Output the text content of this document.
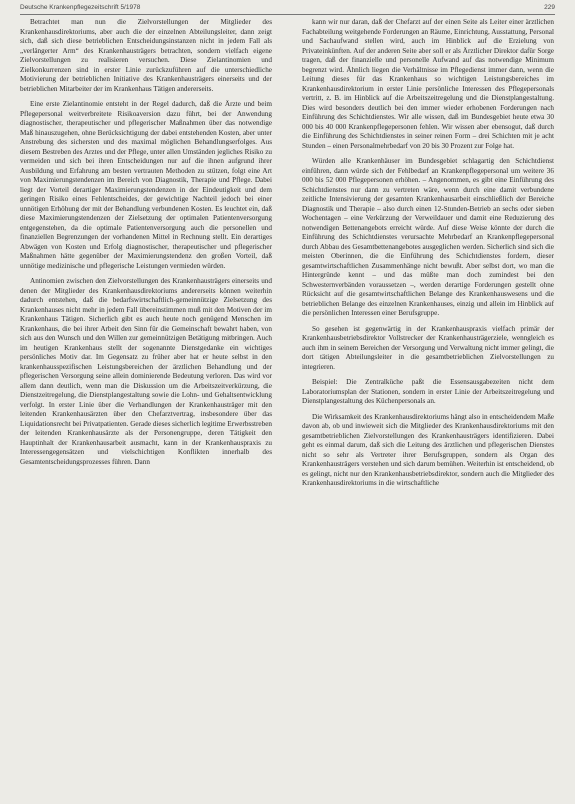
Deutsche Krankenpflegezeitschrift 5/1978	229

Betrachtet man nun die Zielvorstellungen der Mitglieder des Krankenhausdirektoriums, aber auch die der einzelnen Abteilungsleiter, dann zeigt sich, daß sich diese betrieblichen Entscheidungsinstanzen nicht in jedem Fall als „verlängerter Arm“ des Krankenhausträgers betrachten, sondern vielfach eigene Zielvorstellungen zu realisieren versuchen. Diese Zielantinomien und Zielkonkurrenzen sind in erster Linie zurückzuführen auf die unterschiedliche Motivierung der betrieblichen Initiative des Krankenhausträgers einerseits und der betrieblichen Mitarbeiter der im Krankenhaus Tätigen andererseits.

Eine erste Zielantinomie entsteht in der Regel dadurch, daß die Ärzte und beim Pflegepersonal weitverbreitete Risikoaversion dazu führt, bei der Anwendung diagnostischer, therapeutischer und pflegerischer Maßnahmen über das notwendige Maß hinauszugehen, ohne Berücksichtigung der dabei entstehenden Kosten, aber unter Anstrebung des sichersten und des maximal möglichen Behandlungserfolges. Aus diesem Bestreben des Arztes und der Pflege, unter allen Umständen jegliches Risiko zu vermeiden und sich bei ihren Entscheidungen nur auf die ihnen aufgrund ihrer Ausbildung und Erfahrung am besten vertrauten Methoden zu stützen, folgt eine Art von Maximierungstendenzen im Bereich von Diagnostik, Therapie und Pflege. Dabei liegt der Vorteil derartiger Maximierungstendenzen in der Eindeutigkeit und dem geringen Risiko eines Fehlentscheides, der gewichtige Nachteil jedoch bei einer unnötigen Erhöhung der mit der Behandlung verbundenen Kosten. Es leuchtet ein, daß diese Maximierungstendenzen der Zielsetzung der optimalen Patientenversorgung entgegenstehen, da die optimale Patientenversorgung auch die personellen und finanziellen Begrenzungen der vorhandenen Mittel in Rechnung stellt. Ein derartiges Abwägen von Kosten und Erfolg diagnostischer, therapeutischer und pflegerischer Maßnahmen hätte gegenüber der Maximierungstendenz den großen Vorteil, daß unnötige medizinische und pflegerische Leistungen vermieden würden.

Antinomien zwischen den Zielvorstellungen des Krankenhausträgers einerseits und denen der Mitglieder des Krankenhausdirektoriums andererseits können weiterhin dadurch entstehen, daß die bedarfswirtschaftlich-gemeinnützige Zielsetzung des Krankenhauses nicht mehr in jedem Fall übereinstimmen muß mit den Motiven der im Krankenhaus Tätigen. Sicherlich gibt es auch heute noch genügend Menschen im Krankenhaus, die bei ihrer Arbeit den Sinn für die Gemeinschaft bewahrt haben, von sich aus den Wunsch und den Willen zur gemeinnützigen Betätigung mitbringen. Auch im heutigen Krankenhaus stellt der sogenannte Dienstgedanke ein wichtiges persönliches Motiv dar. Im Gegensatz zu früher aber hat er heute selbst in den krankenhausspezifischen Leistungsbereichen der ärztlichen Behandlung und der pflegerischen Versorgung seine allein dominierende Bedeutung verloren. Das wird vor allem dann deutlich, wenn man die Diskussion um die Arbeitszeitverkürzung, die Dienstzeitregelung, die Dienstplangestaltung sowie die Lohn- und Gehaltsentwicklung verfolgt. In erster Linie über die Verhandlungen der Krankenhausträger mit den leitenden Krankenhausärzten über den Chefarztvertrag, insbesondere über das Liquidationsrecht bei Privatpatienten. Gerade dieses sicherlich legitime Erwerbsstreben der leitenden Krankenhausärzte als der Personengruppe, deren Tätigkeit den Hauptinhalt der Krankenhausarbeit ausmacht, kann in der Krankenhauspraxis zu Interessengegensätzen und vielschichtigen Konflikten innerhalb des Gesamtentscheidungsprozesses führen. Dann

kann wir nur daran, daß der Chefarzt auf der einen Seite als Leiter einer ärztlichen Fachabteilung weitgehende Forderungen an Räume, Einrichtung, Ausstattung, Personal und Sachaufwand stellen wird, auch im Hinblick auf die Erzielung von Privateinkünften. Auf der anderen Seite aber soll er als Ärztlicher Direktor dafür Sorge tragen, daß der finanzielle und personelle Aufwand auf das notwendige Minimum begrenzt wird. Ähnlich liegen die Verhältnisse im Pflegedienst immer dann, wenn die Leitung dieses für das Krankenhaus so wichtigen Leistungsbereiches im Krankenhausdirektorium in erster Linie persönliche Interessen des Pflegepersonals vertritt, z. B. im Hinblick auf die Arbeitszeitregelung und die Dienstplangestaltung. Dies wird besonders deutlich bei den immer wieder erhobenen Forderungen nach Einführung des Schichtdienstes. Wir alle wissen, daß im Bundesgebiet heute etwa 30 000 bis 40 000 Krankenpflegepersonen fehlen. Wir wissen aber ebensogut, daß durch die Einführung des Schichtdienstes in seiner reinen Form – drei Schichten mit je acht Stunden – einen Personalmehrbedarf von 20 bis 30 Prozent zur Folge hat.

Würden alle Krankenhäuser im Bundesgebiet schlagartig den Schichtdienst einführen, dann würde sich der Fehlbedarf an Krankenpflegepersonal um weitere 36 000 bis 52 000 Pflegepersonen erhöhen. – Angenommen, es gibt eine Einführung des Schichtdienstes nur dann zu vertreten wäre, wenn durch eine damit verbundene zeitliche Intensivierung der gesamten Krankenhausarbeit einschließlich der Bereiche Diagnostik und Therapie – also durch einen 12-Stunden-Betrieb an sechs oder sieben Wochentagen – eine Verkürzung der Verweildauer und damit eine Reduzierung des notwendigen Bettenangebots erreicht würde. Auf diese Weise könnte der durch die Einführung des Schichtdienstes verursachte Mehrbedarf an Krankenpflegepersonal durch Abbau des Gesamtbettenangebotes ausgeglichen werden. Sicherlich sind sich die meisten Oberinnen, die die Einführung des Schichtdienstes fordern, dieser gesamtwirtschaftlichen Zusammenhänge nicht bewußt. Aber selbst dort, wo man die Hintergründe kennt – und das müßte man doch zumindest bei den Schwesternverbänden voraussetzen –, werden derartige Forderungen gestellt ohne Rücksicht auf die gesamtwirtschaftlichen Belange des Krankenhauswesens und die betrieblichen Belange des einzelnen Krankenhauses, einzig und allein im Hinblick auf die persönlichen Interessen einer Berufsgruppe.

So gesehen ist gegenwärtig in der Krankenhauspraxis vielfach primär der Krankenhausbetriebsdirektor Vollstrecker der Krankenhausträgerziele, wenngleich es auch ihm in seinem Bereichen der Versorgung und Verwaltung nicht immer gelingt, die dort tätigen Abteilungsleiter in die gesamtbetrieblichen Zielvorstellungen zu integrieren.

Beispiel: Die Zentralküche paßt die Essensausgabezeiten nicht dem Laboratoriumsplan der Stationen, sondern in erster Linie der Arbeitszeitregelung und Dienstplangestaltung des Küchenpersonals an.

Die Wirksamkeit des Krankenhausdirektoriums hängt also in entscheidendem Maße davon ab, ob und inwieweit sich die Mitglieder des Krankenhausdirektoriums mit den gesamtbetrieblichen Zielvorstellungen des Krankenhausträgers identifizieren. Dabei geht es einmal darum, daß sich die Leitung des ärztlichen und pflegerischen Dienstes nicht so sehr als Vertreter ihrer Berufsgruppen, sondern als Organ des Krankenhausträgers verstehen und sich darum bemühen. Weiterhin ist entscheidend, ob es gelingt, nicht nur den Krankenhausbetriebsdirektor, sondern auch die Mitglieder des Krankenhausdirektoriums in die wirtschaftliche
